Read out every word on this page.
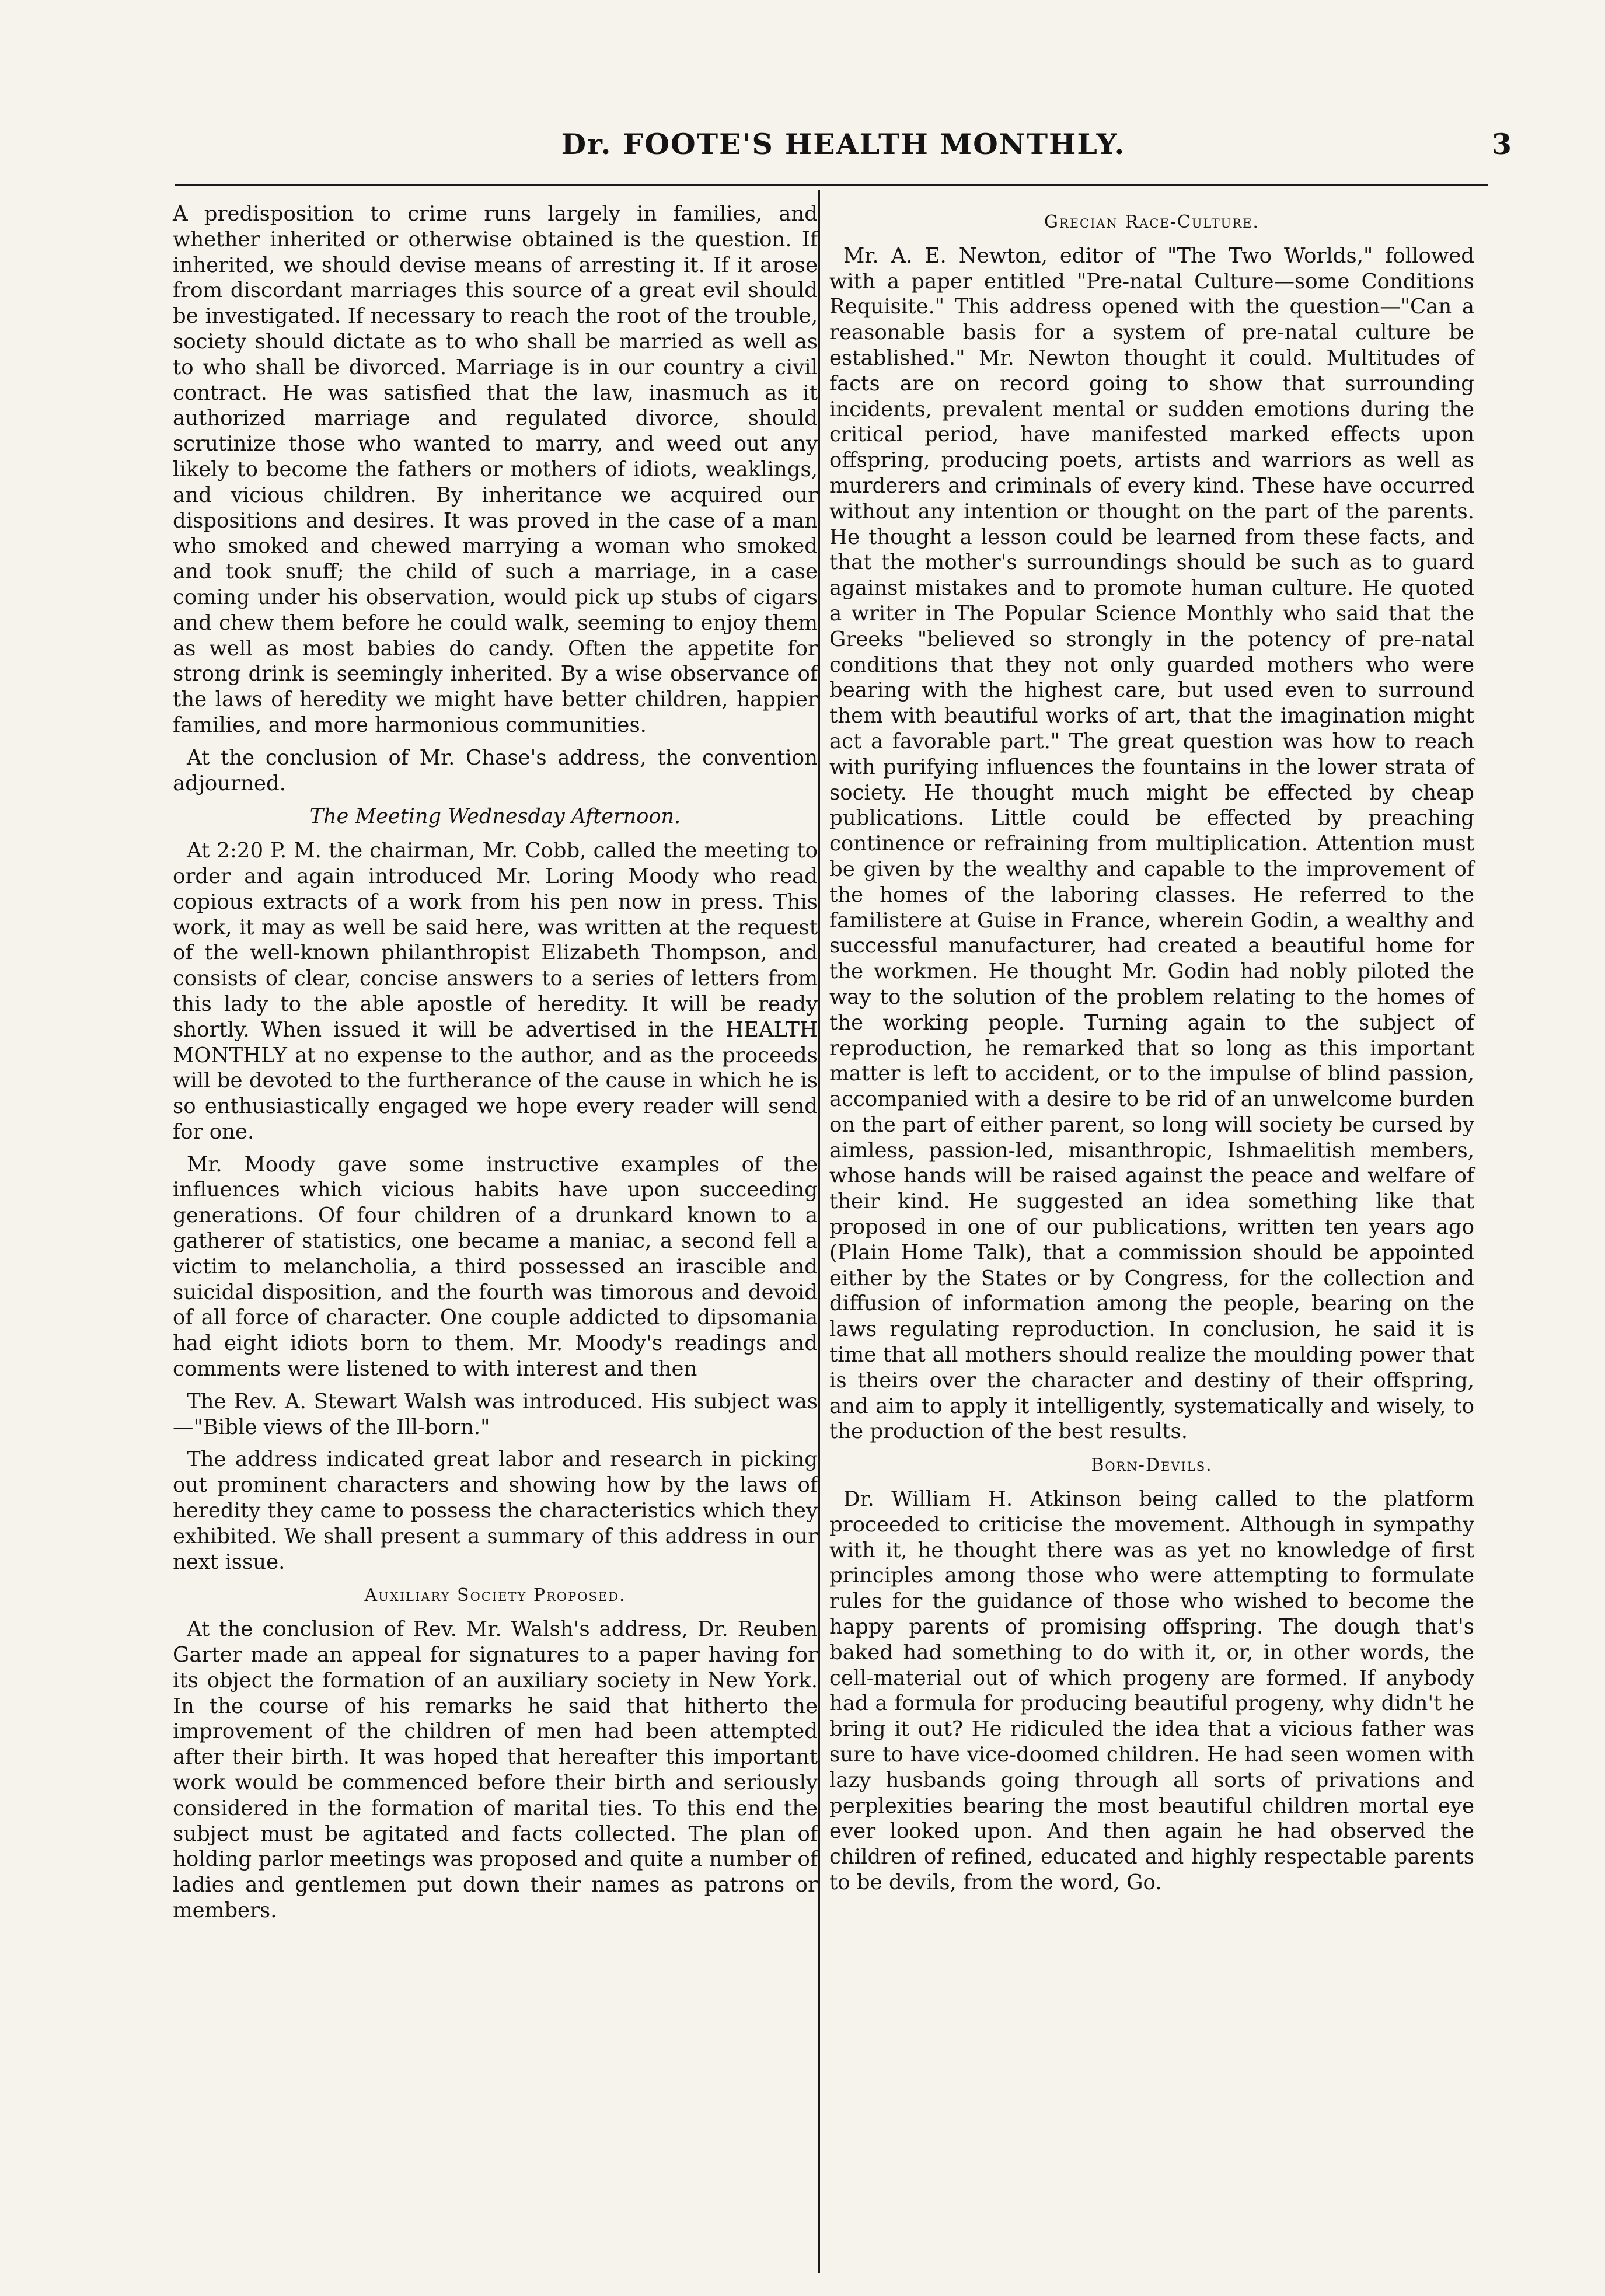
Dr. FOOTE'S HEALTH MONTHLY.	3

A predisposition to crime runs largely in families, and whether inherited or otherwise obtained is the question. If inherited, we should devise means of arresting it. If it arose from discordant marriages this source of a great evil should be investigated. If necessary to reach the root of the trouble, society should dictate as to who shall be married as well as to who shall be divorced. Marriage is in our country a civil contract. He was satisfied that the law, inasmuch as it authorized marriage and regulated divorce, should scrutinize those who wanted to marry, and weed out any likely to become the fathers or mothers of idiots, weaklings, and vicious children. By inheritance we acquired our dispositions and desires. It was proved in the case of a man who smoked and chewed marrying a woman who smoked and took snuff; the child of such a marriage, in a case coming under his observation, would pick up stubs of cigars and chew them before he could walk, seeming to enjoy them as well as most babies do candy. Often the appetite for strong drink is seemingly inherited. By a wise observance of the laws of heredity we might have better children, happier families, and more harmonious communities.

At the conclusion of Mr. Chase's address, the convention adjourned.

The Meeting Wednesday Afternoon.

At 2:20 P. M. the chairman, Mr. Cobb, called the meeting to order and again introduced Mr. Loring Moody who read copious extracts of a work from his pen now in press. This work, it may as well be said here, was written at the request of the well-known philanthropist Elizabeth Thompson, and consists of clear, concise answers to a series of letters from this lady to the able apostle of heredity. It will be ready shortly. When issued it will be advertised in the HEALTH MONTHLY at no expense to the author, and as the proceeds will be devoted to the furtherance of the cause in which he is so enthusiastically engaged we hope every reader will send for one.

Mr. Moody gave some instructive examples of the influences which vicious habits have upon succeeding generations. Of four children of a drunkard known to a gatherer of statistics, one became a maniac, a second fell a victim to melancholia, a third possessed an irascible and suicidal disposition, and the fourth was timorous and devoid of all force of character. One couple addicted to dipsomania had eight idiots born to them. Mr. Moody's readings and comments were listened to with interest and then

The Rev. A. Stewart Walsh was introduced. His subject was—"Bible views of the Ill-born."

The address indicated great labor and research in picking out prominent characters and showing how by the laws of heredity they came to possess the characteristics which they exhibited. We shall present a summary of this address in our next issue.

Auxiliary Society Proposed.

At the conclusion of Rev. Mr. Walsh's address, Dr. Reuben Garter made an appeal for signatures to a paper having for its object the formation of an auxiliary society in New York. In the course of his remarks he said that hitherto the improvement of the children of men had been attempted after their birth. It was hoped that hereafter this important work would be commenced before their birth and seriously considered in the formation of marital ties. To this end the subject must be agitated and facts collected. The plan of holding parlor meetings was proposed and quite a number of ladies and gentlemen put down their names as patrons or members.

Grecian Race-Culture.

Mr. A. E. Newton, editor of "The Two Worlds," followed with a paper entitled "Pre-natal Culture—some Conditions Requisite." This address opened with the question—"Can a reasonable basis for a system of pre-natal culture be established." Mr. Newton thought it could. Multitudes of facts are on record going to show that surrounding incidents, prevalent mental or sudden emotions during the critical period, have manifested marked effects upon offspring, producing poets, artists and warriors as well as murderers and criminals of every kind. These have occurred without any intention or thought on the part of the parents. He thought a lesson could be learned from these facts, and that the mother's surroundings should be such as to guard against mistakes and to promote human culture. He quoted a writer in The Popular Science Monthly who said that the Greeks "believed so strongly in the potency of pre-natal conditions that they not only guarded mothers who were bearing with the highest care, but used even to surround them with beautiful works of art, that the imagination might act a favorable part." The great question was how to reach with purifying influences the fountains in the lower strata of society. He thought much might be effected by cheap publications. Little could be effected by preaching continence or refraining from multiplication. Attention must be given by the wealthy and capable to the improvement of the homes of the laboring classes. He referred to the familistere at Guise in France, wherein Godin, a wealthy and successful manufacturer, had created a beautiful home for the workmen. He thought Mr. Godin had nobly piloted the way to the solution of the problem relating to the homes of the working people. Turning again to the subject of reproduction, he remarked that so long as this important matter is left to accident, or to the impulse of blind passion, accompanied with a desire to be rid of an unwelcome burden on the part of either parent, so long will society be cursed by aimless, passion-led, misanthropic, Ishmaelitish members, whose hands will be raised against the peace and welfare of their kind. He suggested an idea something like that proposed in one of our publications, written ten years ago (Plain Home Talk), that a commission should be appointed either by the States or by Congress, for the collection and diffusion of information among the people, bearing on the laws regulating reproduction. In conclusion, he said it is time that all mothers should realize the moulding power that is theirs over the character and destiny of their offspring, and aim to apply it intelligently, systematically and wisely, to the production of the best results.

Born-Devils.

Dr. William H. Atkinson being called to the platform proceeded to criticise the movement. Although in sympathy with it, he thought there was as yet no knowledge of first principles among those who were attempting to formulate rules for the guidance of those who wished to become the happy parents of promising offspring. The dough that's baked had something to do with it, or, in other words, the cell-material out of which progeny are formed. If anybody had a formula for producing beautiful progeny, why didn't he bring it out? He ridiculed the idea that a vicious father was sure to have vice-doomed children. He had seen women with lazy husbands going through all sorts of privations and perplexities bearing the most beautiful children mortal eye ever looked upon. And then again he had observed the children of refined, educated and highly respectable parents to be devils, from the word, Go.
